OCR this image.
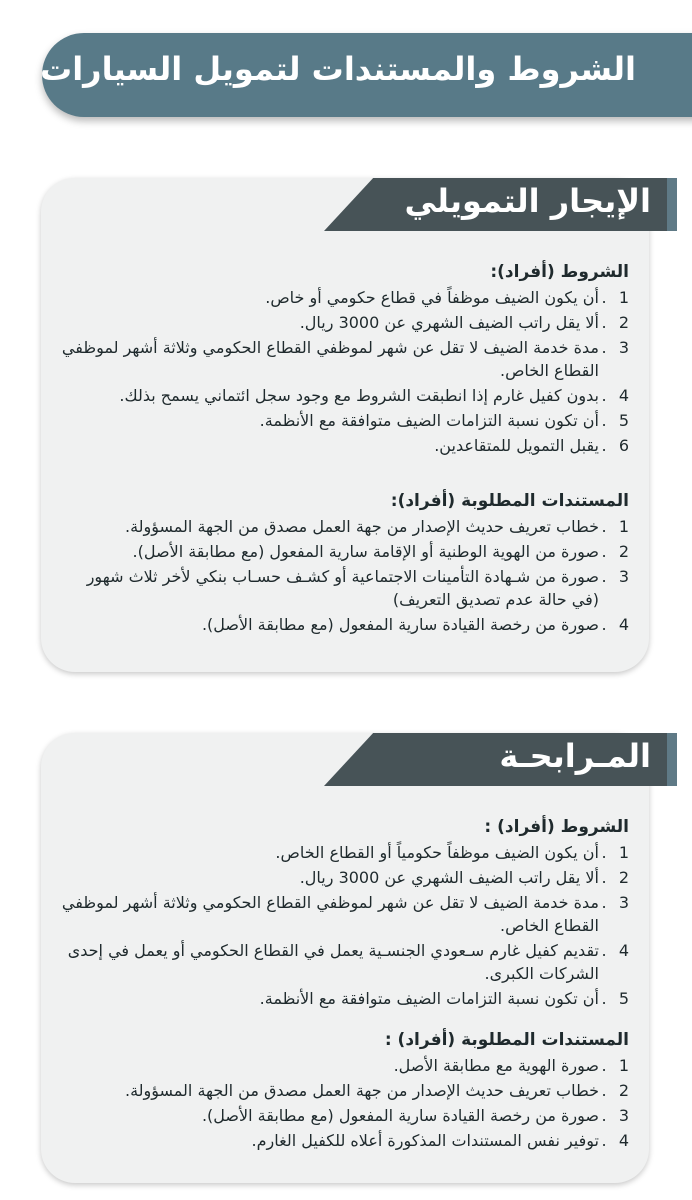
الشروط والمستندات لتمويل السيارات
الإيجار التمويلي
الشروط (أفراد):
1
.
أن يكون الضيف موظفاً في قطاع حكومي أو خاص.
2
.
ألا يقل راتب الضيف الشهري عن 3000 ريال.
3
.
مدة خدمة الضيف لا تقل عن شهر لموظفي القطاع الحكومي وثلاثة أشهر لموظفي القطاع الخاص.
4
.
بدون كفيل غارم إذا انطبقت الشروط مع وجود سجل ائتماني يسمح بذلك.
5
.
أن تكون نسبة التزامات الضيف متوافقة مع الأنظمة.
6
.
يقبل التمويل للمتقاعدين.
المستندات المطلوبة (أفراد):
1
.
خطاب تعريف حديث الإصدار من جهة العمل مصدق من الجهة المسؤولة.
2
.
صورة من الهوية الوطنية أو الإقامة سارية المفعول (مع مطابقة الأصل).
3
.
صورة من شـهادة التأمينات الاجتماعية أو كشـف حسـاب بنكي لأخر ثلاث شهور (في حالة عدم تصديق التعريف)
4
.
صورة من رخصة القيادة سارية المفعول (مع مطابقة الأصل).
المـرابحـة
الشروط (أفراد) :
1
.
أن يكون الضيف موظفاً حكومياً أو القطاع الخاص.
2
.
ألا يقل راتب الضيف الشهري عن 3000 ريال.
3
.
مدة خدمة الضيف لا تقل عن شهر لموظفي القطاع الحكومي وثلاثة أشهر لموظفي القطاع الخاص.
4
.
تقديم كفيل غارم سـعودي الجنسـية يعمل في القطاع الحكومي أو يعمل في إحدى الشركات الكبرى.
5
.
أن تكون نسبة التزامات الضيف متوافقة مع الأنظمة.
المستندات المطلوبة (أفراد) :
1
.
صورة الهوية مع مطابقة الأصل.
2
.
خطاب تعريف حديث الإصدار من جهة العمل مصدق من الجهة المسؤولة.
3
.
صورة من رخصة القيادة سارية المفعول (مع مطابقة الأصل).
4
.
توفير نفس المستندات المذكورة أعلاه للكفيل الغارم.
